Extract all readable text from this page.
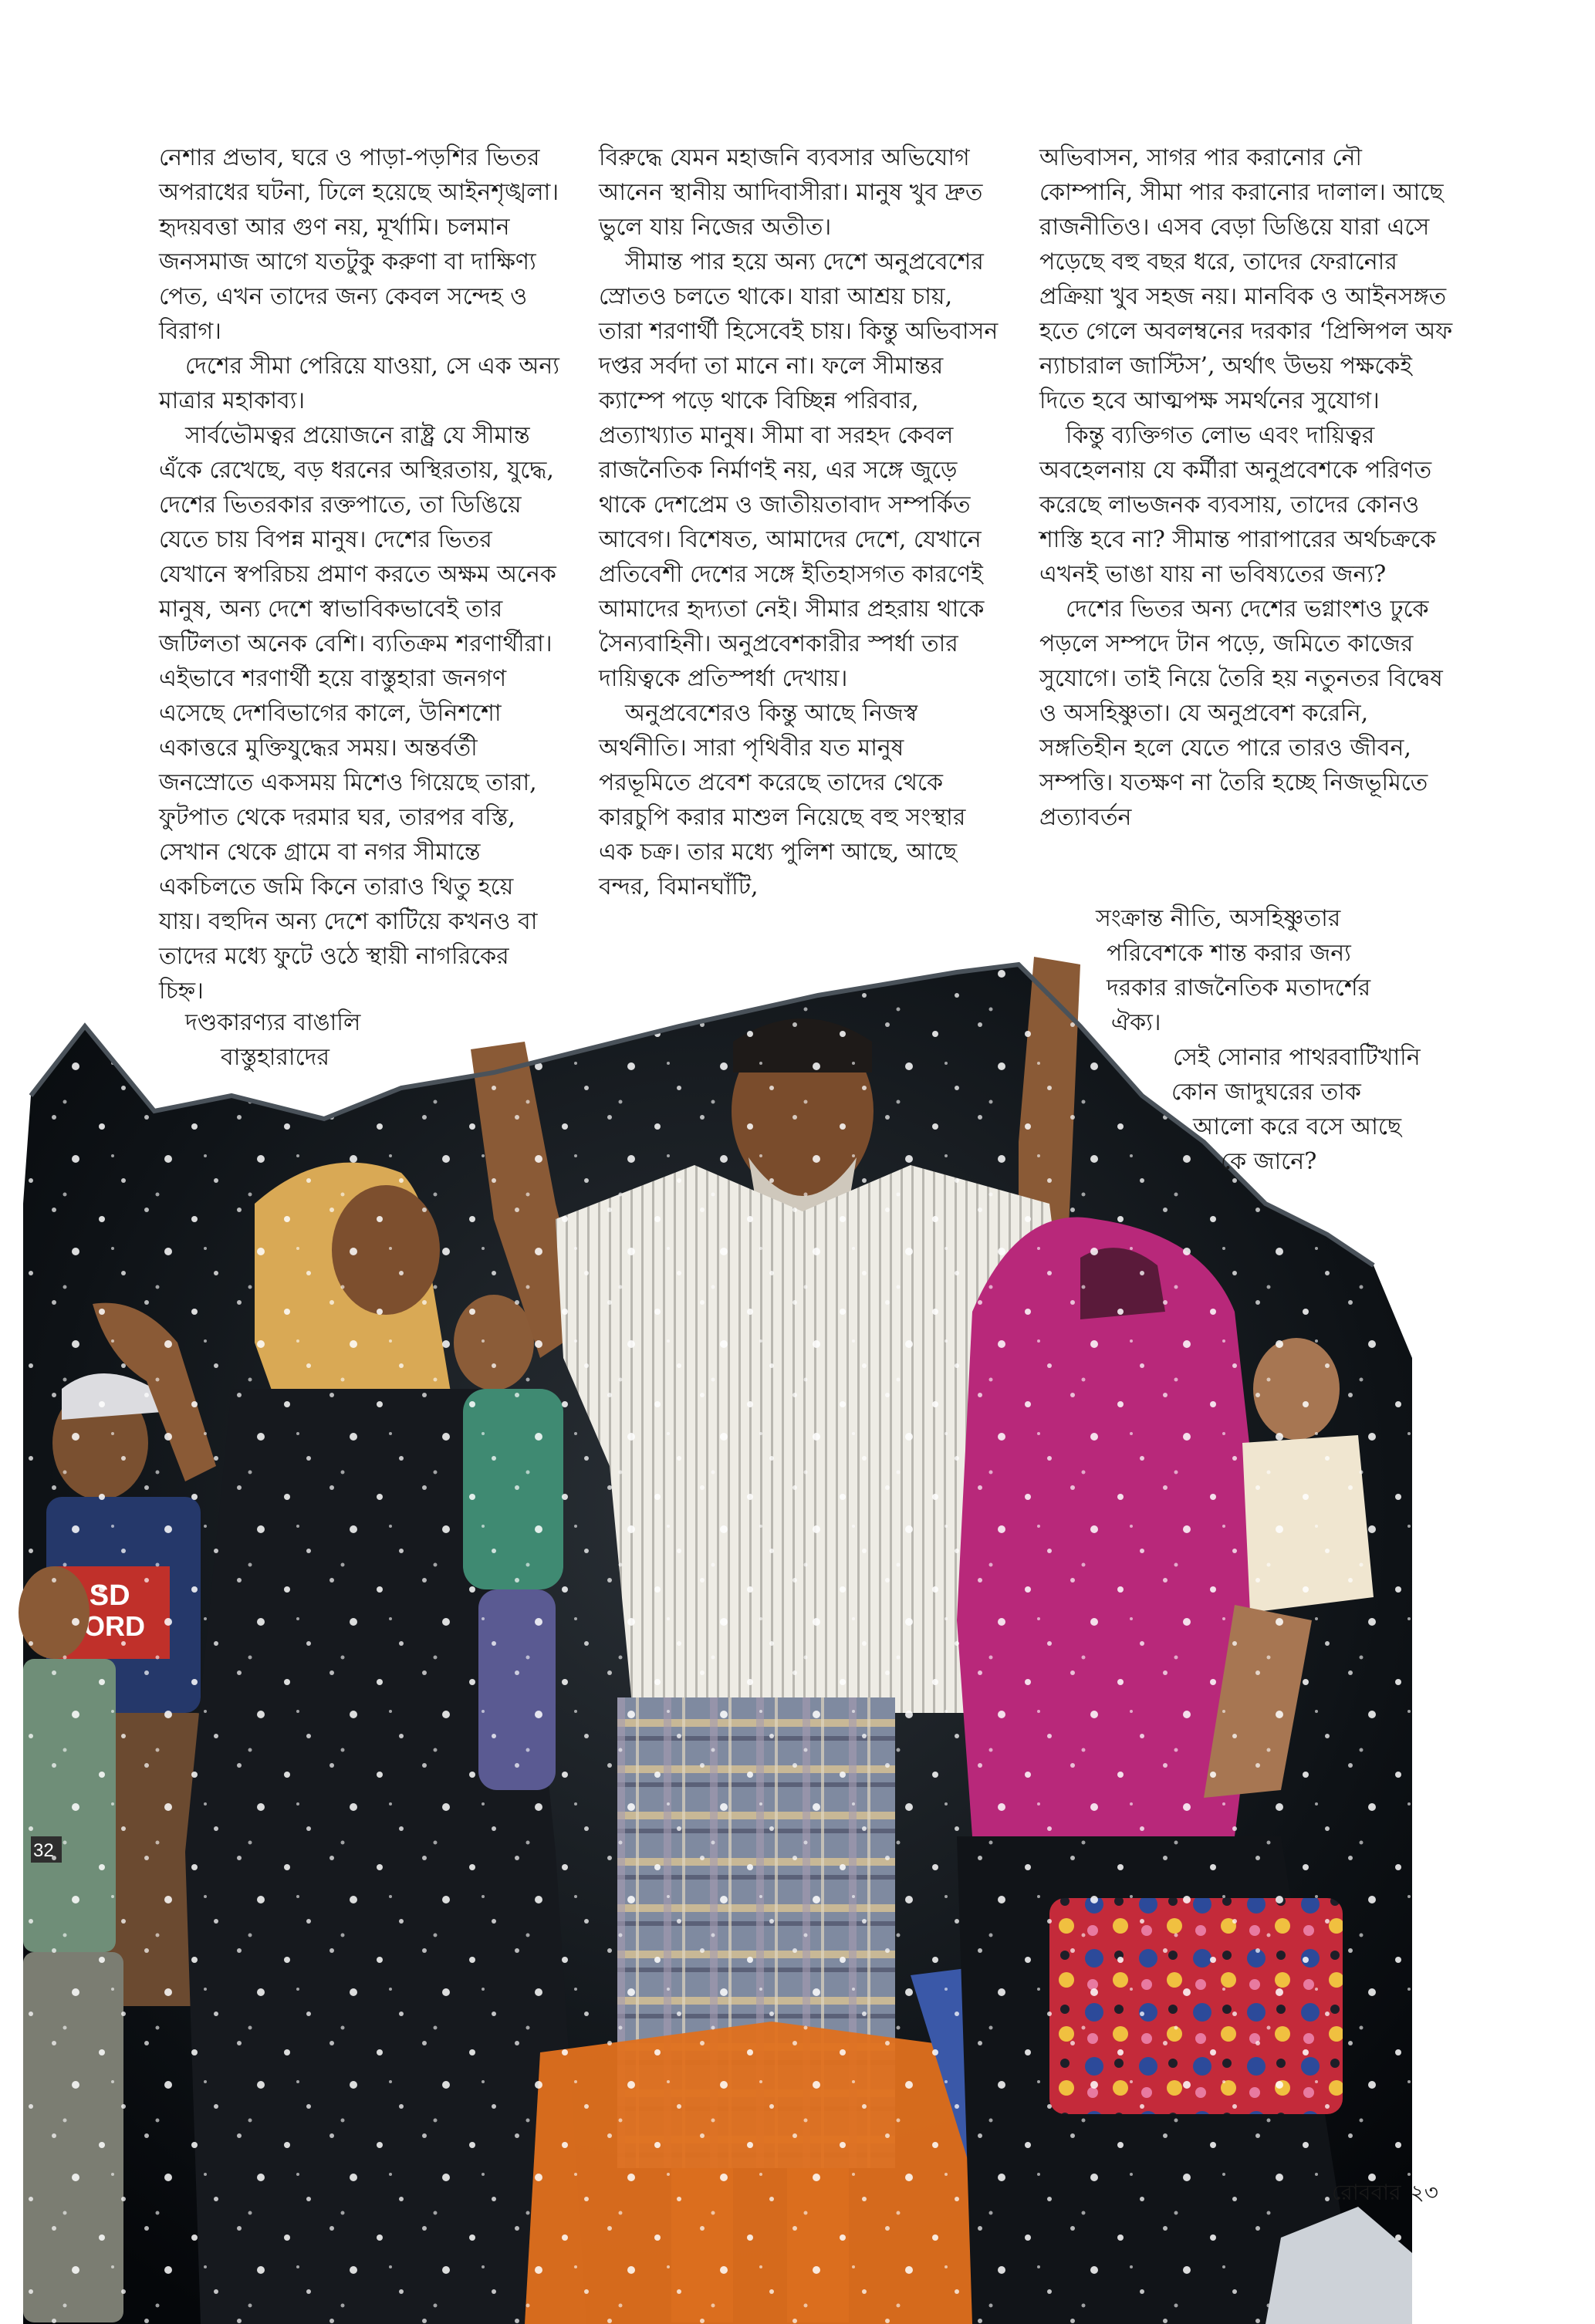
নেশার প্রভাব, ঘরে ও পাড়া-পড়শির ভিতর অপরাধের ঘটনা, ঢিলে হয়েছে আইনশৃঙ্খলা। হৃদয়বত্তা আর গুণ নয়, মূর্খামি। চলমান জনসমাজ আগে যতটুকু করুণা বা দাক্ষিণ্য পেত, এখন তাদের জন্য কেবল সন্দেহ ও বিরাগ।

দেশের সীমা পেরিয়ে যাওয়া, সে এক অন্য মাত্রার মহাকাব্য।

সার্বভৌমত্বর প্রয়োজনে রাষ্ট্র যে সীমান্ত এঁকে রেখেছে, বড় ধরনের অস্থিরতায়, যুদ্ধে, দেশের ভিতরকার রক্তপাতে, তা ডিঙিয়ে যেতে চায় বিপন্ন মানুষ। দেশের ভিতর যেখানে স্বপরিচয় প্রমাণ করতে অক্ষম অনেক মানুষ, অন্য দেশে স্বাভাবিকভাবেই তার জটিলতা অনেক বেশি। ব্যতিক্রম শরণার্থীরা। এইভাবে শরণার্থী হয়ে বাস্তুহারা জনগণ এসেছে দেশবিভাগের কালে, উনিশশো একাত্তরে মুক্তিযুদ্ধের সময়। অন্তর্বর্তী জনস্রোতে একসময় মিশেও গিয়েছে তারা, ফুটপাত থেকে দরমার ঘর, তারপর বস্তি, সেখান থেকে গ্রামে বা নগর সীমান্তে একচিলতে জমি কিনে তারাও থিতু হয়ে যায়। বহুদিন অন্য দেশে কাটিয়ে কখনও বা তাদের মধ্যে ফুটে ওঠে স্থায়ী নাগরিকের চিহ্ন।

দণ্ডকারণ্যর বাঙালি
বাস্তুহারাদের

বিরুদ্ধে যেমন মহাজনি ব্যবসার অভিযোগ আনেন স্থানীয় আদিবাসীরা। মানুষ খুব দ্রুত ভুলে যায় নিজের অতীত।

সীমান্ত পার হয়ে অন্য দেশে অনুপ্রবেশের স্রোতও চলতে থাকে। যারা আশ্রয় চায়, তারা শরণার্থী হিসেবেই চায়। কিন্তু অভিবাসন দপ্তর সর্বদা তা মানে না। ফলে সীমান্তর ক্যাম্পে পড়ে থাকে বিচ্ছিন্ন পরিবার, প্রত্যাখ্যাত মানুষ। সীমা বা সরহদ কেবল রাজনৈতিক নির্মাণই নয়, এর সঙ্গে জুড়ে থাকে দেশপ্রেম ও জাতীয়তাবাদ সম্পর্কিত আবেগ। বিশেষত, আমাদের দেশে, যেখানে প্রতিবেশী দেশের সঙ্গে ইতিহাসগত কারণেই আমাদের হৃদ্যতা নেই। সীমার প্রহরায় থাকে সৈন্যবাহিনী। অনুপ্রবেশকারীর স্পর্ধা তার দায়িত্বকে প্রতিস্পর্ধা দেখায়।

অনুপ্রবেশেরও কিন্তু আছে নিজস্ব অর্থনীতি। সারা পৃথিবীর যত মানুষ পরভূমিতে প্রবেশ করেছে তাদের থেকে কারচুপি করার মাশুল নিয়েছে বহু সংস্থার এক চক্র। তার মধ্যে পুলিশ আছে, আছে বন্দর, বিমানঘাঁটি,

অভিবাসন, সাগর পার করানোর নৌ কোম্পানি, সীমা পার করানোর দালাল। আছে রাজনীতিও। এসব বেড়া ডিঙিয়ে যারা এসে পড়েছে বহু বছর ধরে, তাদের ফেরানোর প্রক্রিয়া খুব সহজ নয়। মানবিক ও আইনসঙ্গত হতে গেলে অবলম্বনের দরকার ‘প্রিন্সিপল অফ ন্যাচারাল জাস্টিস’, অর্থাৎ উভয় পক্ষকেই দিতে হবে আত্মপক্ষ সমর্থনের সুযোগ।

কিন্তু ব্যক্তিগত লোভ এবং দায়িত্বর অবহেলনায় যে কর্মীরা অনুপ্রবেশকে পরিণত করেছে লাভজনক ব্যবসায়, তাদের কোনও শাস্তি হবে না? সীমান্ত পারাপারের অর্থচক্রকে এখনই ভাঙা যায় না ভবিষ্যতের জন্য?

দেশের ভিতর অন্য দেশের ভগ্নাংশও ঢুকে পড়লে সম্পদে টান পড়ে, জমিতে কাজের সুযোগে। তাই নিয়ে তৈরি হয় নতুনতর বিদ্বেষ ও অসহিষ্ণুতা। যে অনুপ্রবেশ করেনি, সঙ্গতিহীন হলে যেতে পারে তারও জীবন, সম্পত্তি। যতক্ষণ না তৈরি হচ্ছে নিজভূমিতে প্রত্যাবর্তন

সংক্রান্ত নীতি, অসহিষ্ণুতার
পরিবেশকে শান্ত করার জন্য
দরকার রাজনৈতিক মতাদর্শের
ঐক্য।
সেই সোনার পাথরবাটিখানি
কোন জাদুঘরের তাক
আলো করে বসে আছে
কে জানে?
রোববার ২৩
